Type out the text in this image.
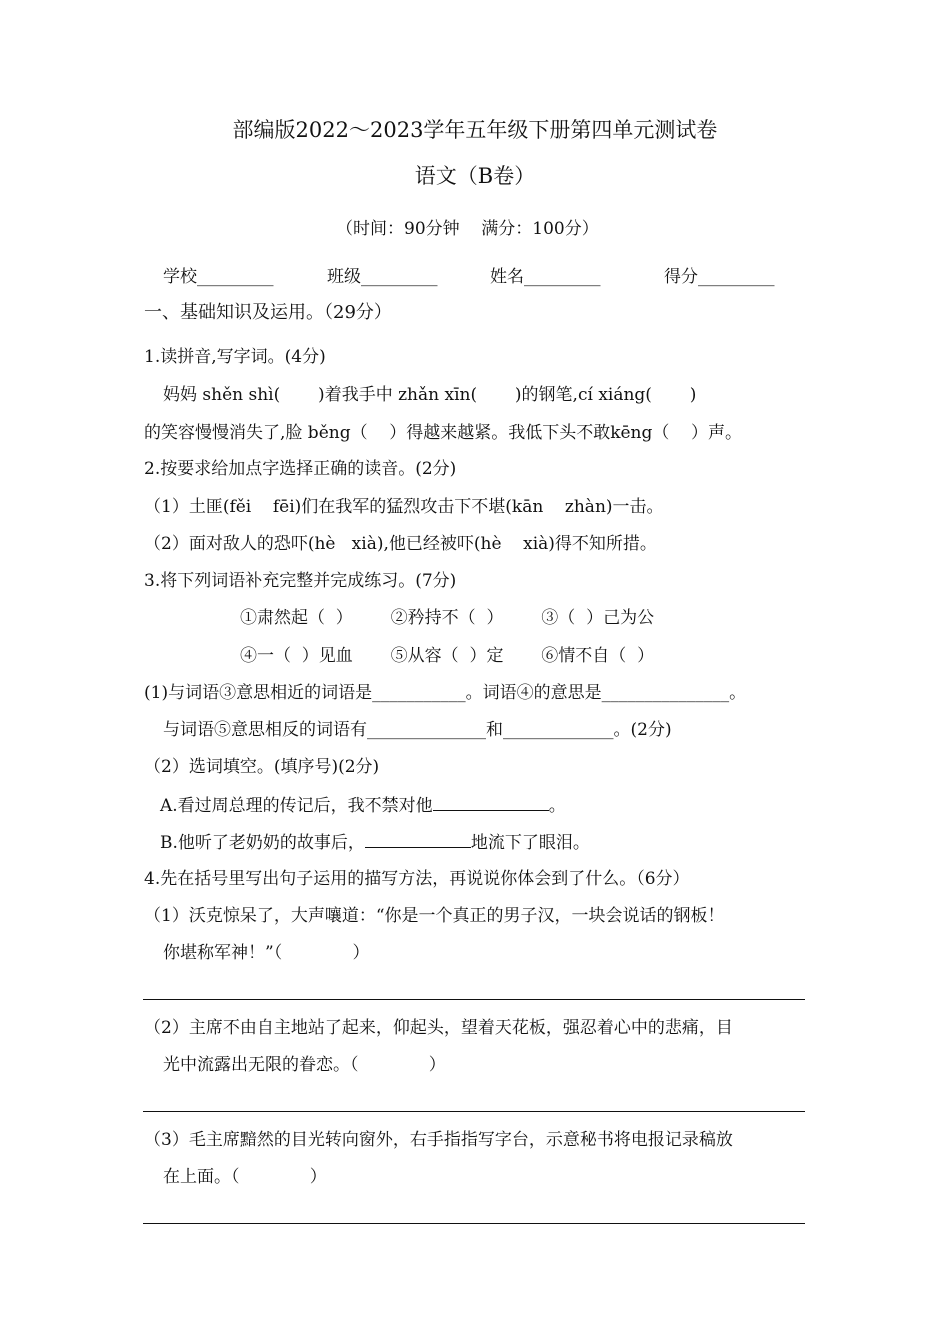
部编版2022～2023学年五年级下册第四单元测试卷
语文（B卷）
（时间：90分钟    满分：100分）
学校_________	班级_________	姓名_________	得分_________
一、基础知识及运用。（29分）
1.读拼音,写字词。(4分)
妈妈 shěn shì(       )着我手中 zhǎn xīn(       )的钢笔,cí xiáng(       )
的笑容慢慢消失了,脸 běng（    ）得越来越紧。我低下头不敢kēng（    ）声。
2.按要求给加点字选择正确的读音。(2分)
（1）土匪(fěi    fēi)们在我军的猛烈攻击下不堪(kān    zhàn)一击。
（2）面对敌人的恐吓(hè   xià),他已经被吓(hè    xià)得不知所措。
3.将下列词语补充完整并完成练习。(7分)
①肃然起（  ）       ②矜持不（  ）       ③（  ）己为公
④一（  ）见血       ⑤从容（  ）定       ⑥情不自（  ）
(1)与词语③意思相近的词语是___________。词语④的意思是_______________。
与词语⑤意思相反的词语有______________和_____________。(2分)
（2）选词填空。(填序号)(2分)
A.看过周总理的传记后，我不禁对他	。
B.他听了老奶奶的故事后，	地流下了眼泪。
4.先在括号里写出句子运用的描写方法，再说说你体会到了什么。（6分）
（1）沃克惊呆了，大声嚷道：“你是一个真正的男子汉，一块会说话的钢板！
你堪称军神！”（             ）
（2）主席不由自主地站了起来，仰起头，望着天花板，强忍着心中的悲痛，目
光中流露出无限的眷恋。（             ）
（3）毛主席黯然的目光转向窗外，右手指指写字台，示意秘书将电报记录稿放
在上面。（             ）
